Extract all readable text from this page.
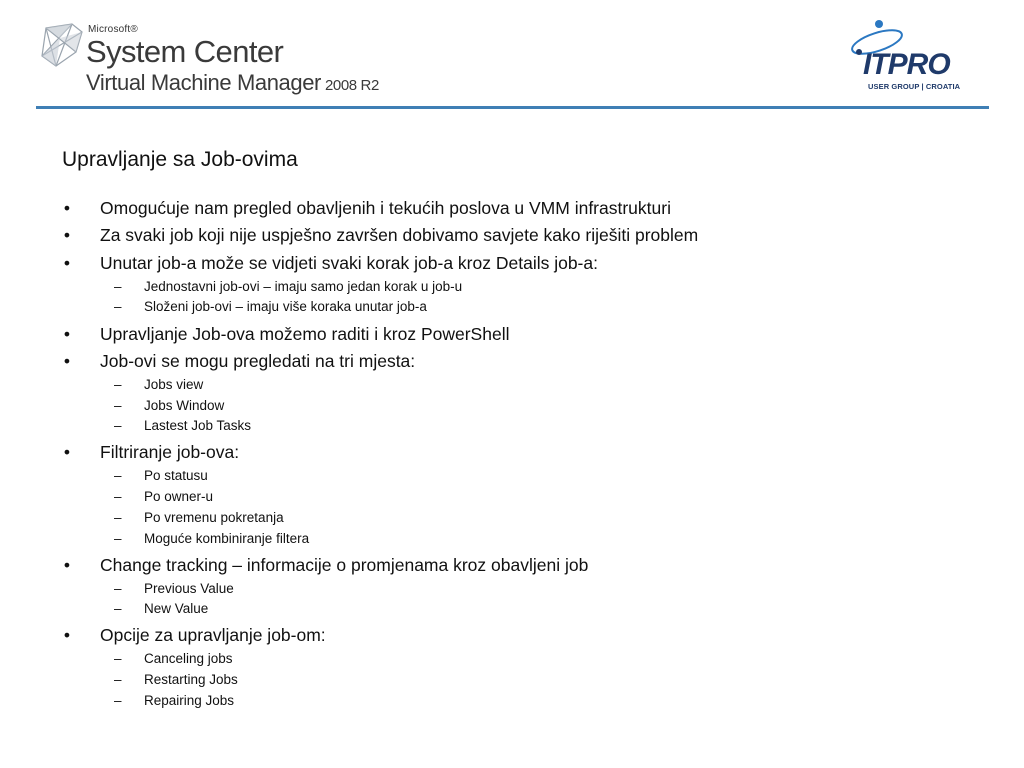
Microsoft®
System Center
Virtual Machine Manager 2008 R2
ITPRO
USER GROUP | CROATIA
Upravljanje sa Job-ovima
• Omogućuje nam pregled obavljenih i tekućih poslova u VMM infrastrukturi
• Za svaki job koji nije uspješno završen dobivamo savjete kako riješiti problem
• Unutar job-a može se vidjeti svaki korak job-a kroz Details job-a:
– Jednostavni job-ovi – imaju samo jedan korak u job-u
– Složeni job-ovi – imaju više koraka unutar job-a
• Upravljanje Job-ova možemo raditi i kroz PowerShell
• Job-ovi se mogu pregledati na tri mjesta:
– Jobs view
– Jobs Window
– Lastest Job Tasks
• Filtriranje job-ova:
– Po statusu
– Po owner-u
– Po vremenu pokretanja
– Moguće kombiniranje filtera
• Change tracking – informacije o promjenama kroz obavljeni job
– Previous Value
– New Value
• Opcije za upravljanje job-om:
– Canceling jobs
– Restarting Jobs
– Repairing Jobs
